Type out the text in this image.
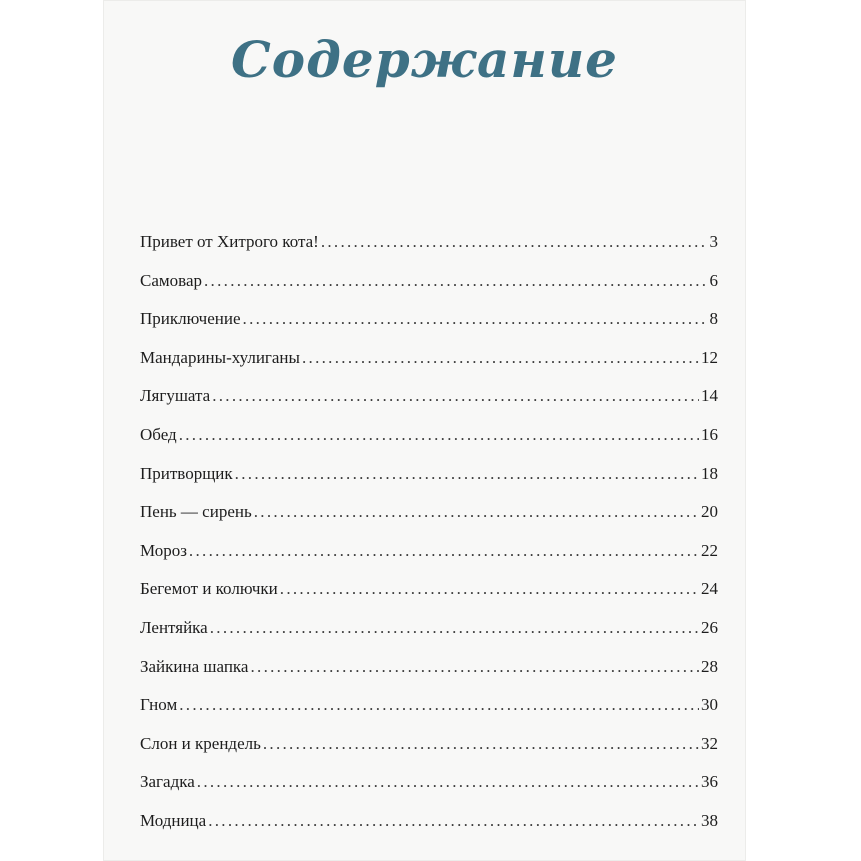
Содержание
Привет от Хитрого кота! .....	3
Самовар .....	6
Приключение .....	8
Мандарины-хулиганы .....	12
Лягушата .....	14
Обед .....	16
Притворщик .....	18
Пень — сирень .....	20
Мороз .....	22
Бегемот и колючки .....	24
Лентяйка .....	26
Зайкина шапка .....	28
Гном .....	30
Слон и крендель .....	32
Загадка .....	36
Модница .....	38
